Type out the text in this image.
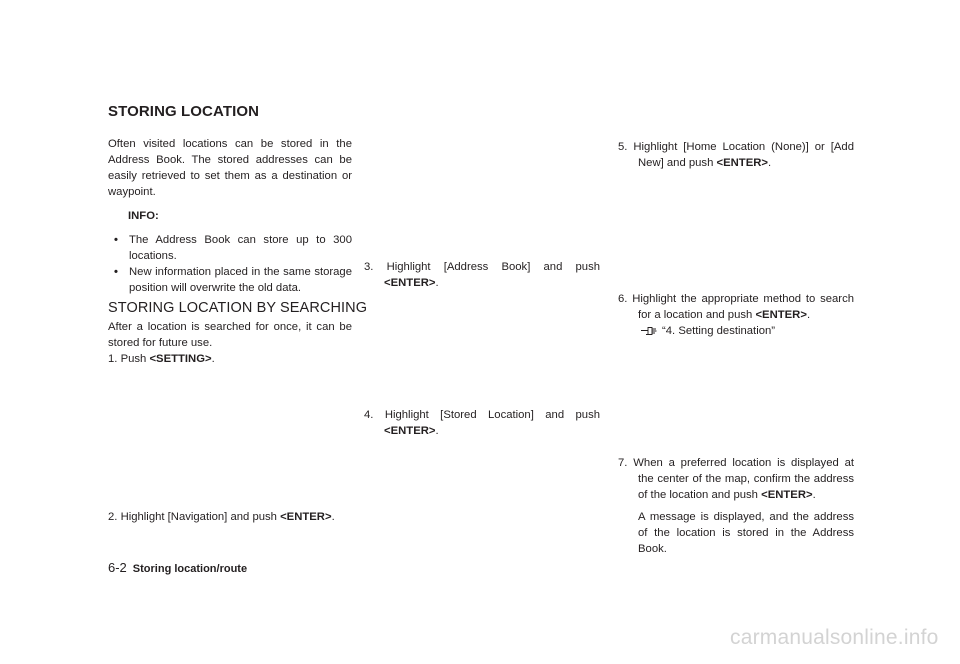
STORING LOCATION

Often visited locations can be stored in the Address Book. The stored addresses can be easily retrieved to set them as a destination or waypoint.

INFO:
• The Address Book can store up to 300 locations.

• New information placed in the same storage position will overwrite the old data.

STORING LOCATION BY SEARCHING

After a location is searched for once, it can be stored for future use.

1. Push <SETTING>.

2. Highlight [Navigation] and push <ENTER>.

3. Highlight [Address Book] and push

<ENTER>.

4. Highlight [Stored Location] and push

<ENTER>.

5. Highlight [Home Location (None)] or [Add New] and push <ENTER>.

6. Highlight the appropriate method to search for a location and push <ENTER>.

“4. Setting destination”

7. When a preferred location is displayed at the center of the map, confirm the address of the location and push <ENTER>.

A message is displayed, and the address of the location is stored in the Address Book.

6-2 Storing location/route
carmanualsonline.info
